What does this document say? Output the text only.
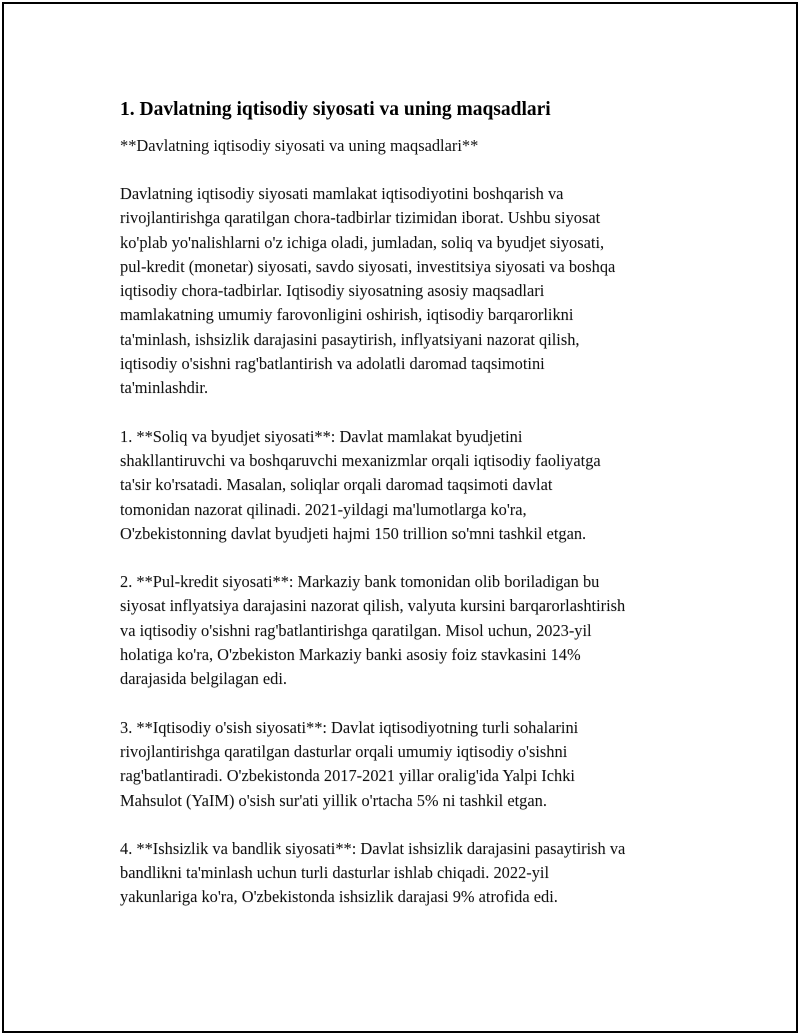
1. Davlatning iqtisodiy siyosati va uning maqsadlari

**Davlatning iqtisodiy siyosati va uning maqsadlari**

Davlatning iqtisodiy siyosati mamlakat iqtisodiyotini boshqarish va
rivojlantirishga qaratilgan chora-tadbirlar tizimidan iborat. Ushbu siyosat
ko'plab yo'nalishlarni o'z ichiga oladi, jumladan, soliq va byudjet siyosati,
pul-kredit (monetar) siyosati, savdo siyosati, investitsiya siyosati va boshqa
iqtisodiy chora-tadbirlar. Iqtisodiy siyosatning asosiy maqsadlari
mamlakatning umumiy farovonligini oshirish, iqtisodiy barqarorlikni
ta'minlash, ishsizlik darajasini pasaytirish, inflyatsiyani nazorat qilish,
iqtisodiy o'sishni rag'batlantirish va adolatli daromad taqsimotini
ta'minlashdir.

1. **Soliq va byudjet siyosati**: Davlat mamlakat byudjetini
shakllantiruvchi va boshqaruvchi mexanizmlar orqali iqtisodiy faoliyatga
ta'sir ko'rsatadi. Masalan, soliqlar orqali daromad taqsimoti davlat
tomonidan nazorat qilinadi. 2021-yildagi ma'lumotlarga ko'ra,
O'zbekistonning davlat byudjeti hajmi 150 trillion so'mni tashkil etgan.

2. **Pul-kredit siyosati**: Markaziy bank tomonidan olib boriladigan bu
siyosat inflyatsiya darajasini nazorat qilish, valyuta kursini barqarorlashtirish
va iqtisodiy o'sishni rag'batlantirishga qaratilgan. Misol uchun, 2023-yil
holatiga ko'ra, O'zbekiston Markaziy banki asosiy foiz stavkasini 14%
darajasida belgilagan edi.

3. **Iqtisodiy o'sish siyosati**: Davlat iqtisodiyotning turli sohalarini
rivojlantirishga qaratilgan dasturlar orqali umumiy iqtisodiy o'sishni
rag'batlantiradi. O'zbekistonda 2017-2021 yillar oralig'ida Yalpi Ichki
Mahsulot (YaIM) o'sish sur'ati yillik o'rtacha 5% ni tashkil etgan.

4. **Ishsizlik va bandlik siyosati**: Davlat ishsizlik darajasini pasaytirish va
bandlikni ta'minlash uchun turli dasturlar ishlab chiqadi. 2022-yil
yakunlariga ko'ra, O'zbekistonda ishsizlik darajasi 9% atrofida edi.
